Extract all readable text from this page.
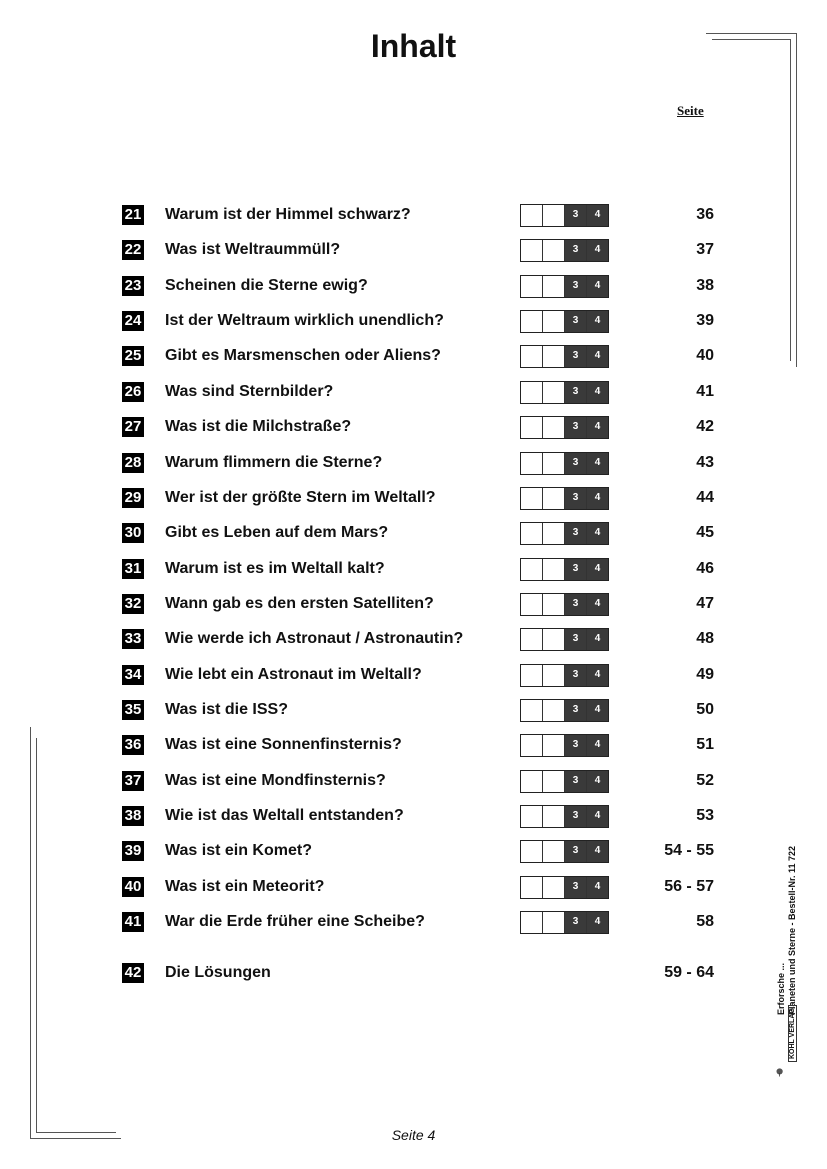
Inhalt
Seite
21 Warum ist der Himmel schwarz?	3	4	36
22 Was ist Weltraummüll?	3	4	37
23 Scheinen die Sterne ewig?	3	4	38
24 Ist der Weltraum wirklich unendlich?	3	4	39
25 Gibt es Marsmenschen oder Aliens?	3	4	40
26 Was sind Sternbilder?	3	4	41
27 Was ist die Milchstraße?	3	4	42
28 Warum flimmern die Sterne?	3	4	43
29 Wer ist der größte Stern im Weltall?	3	4	44
30 Gibt es Leben auf dem Mars?	3	4	45
31 Warum ist es im Weltall kalt?	3	4	46
32 Wann gab es den ersten Satelliten?	3	4	47
33 Wie werde ich Astronaut / Astronautin?	3	4	48
34 Wie lebt ein Astronaut im Weltall?	3	4	49
35 Was ist die ISS?	3	4	50
36 Was ist eine Sonnenfinsternis?	3	4	51
37 Was ist eine Mondfinsternis?	3	4	52
38 Wie ist das Weltall entstanden?	3	4	53
39 Was ist ein Komet?	3	4	54 - 55
40 Was ist ein Meteorit?	3	4	56 - 57
41 War die Erde früher eine Scheibe?	3	4	58
42 Die Lösungen	59 - 64
Seite 4
Erforsche ... Planeten und Sterne - Bestell-Nr. 11 722
KOHL VERLAG
